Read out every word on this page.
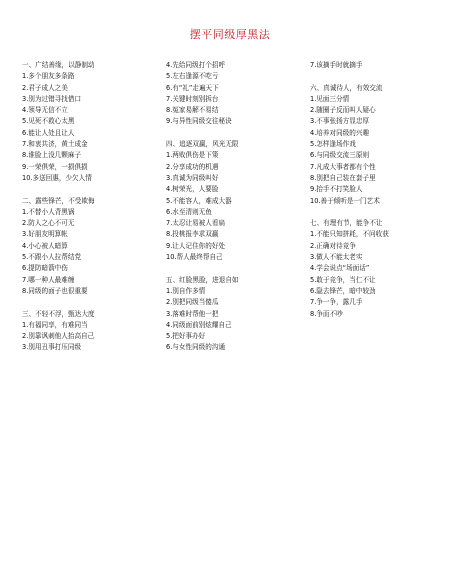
摆平同级厚黑法
一、广结善缘，以静制动
1.多个朋友多条路
2.君子成人之美
3.别为过错寻找借口
4.领导无信不立
5.见死不救心太黑
6.能让人处且让人
7.和衷共济，黄土成金
8.谁脸上没几颗麻子
9.一荣俱荣，一损俱损
10.多送回惠，少欠人情
二、露些锋芒，不受欺侮
1.不替小人背黑锅
2.防人之心不可无
3.好朋友明算帐
4.小心被人暗算
5.不跟小人拉帮结党
6.提防暗箭中伤
7.哪一种人最难缠
8.同级的面子也很重要
三、不轻不浮，甄达大度
1.有福同享，有难同当
2.别靠讽刺他人抬高自己
3.别用丑事打压同级
4.先给同级打个招呼
5.左右逢源不吃亏
6.有“礼”走遍天下
7.关键时刻别拆台
8.冤家易解不易结
9.与异性同级交往秘诀
四、追逐双赢，风光无限
1.两败俱伤是下策
2.分享成功的机遇
3.真诚为同级叫好
4.树荣光，人要脸
5.不能容人，难成大器
6.水至清则无鱼
7.太忍让易被人看扁
8.投桃报李求双赢
9.让人记住你的好处
10.帮人最终帮自己
五、红脸黑脸，进退自如
1.别自作多情
2.别把同级当傻瓜
3.落难时帮他一把
4.同级面前别炫耀自己
5.把好事办好
6.与女性同级的沟通
7.该摘手时就摘手
六、真诚待人，有效交流
1.见面三分情
2.随圈子反而叫人疑心
3.不事张扬方显忠厚
4.培养对同级的兴趣
5.怎样逢场作戏
6.与同级交流三原则
7.凡成大事者都有个性
8.别把自己装在套子里
9.抬手不打笑脸人
10.善于倾听是一门艺术
七、有理有节，能争不让
1.不能只知拼耗，不问收获
2.正确对待竞争
3.做人不能太老实
4.学会说点“场面话”
5.敢于竞争，当仁不让
6.隐去锋芒，暗中较劲
7.争一争，露几手
8.争而不吵
